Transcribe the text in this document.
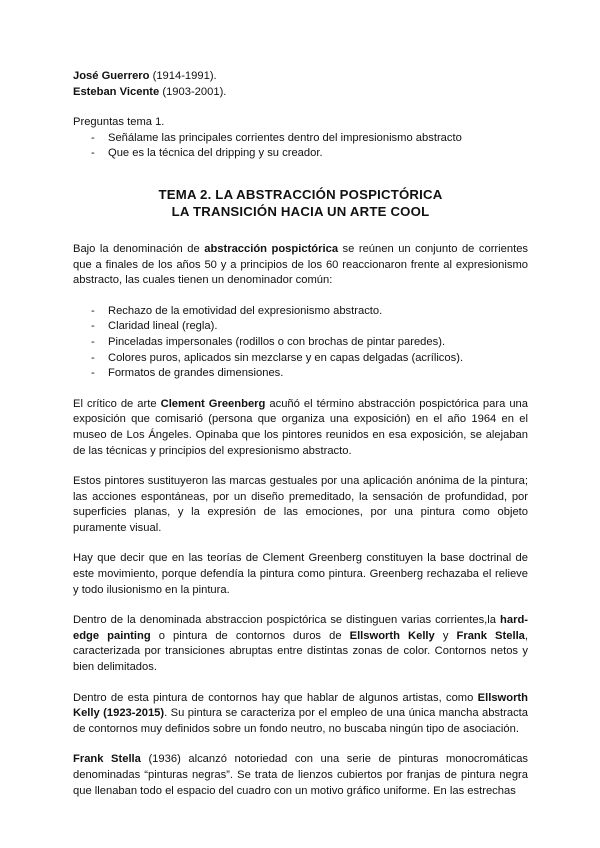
José Guerrero (1914-1991).

Esteban Vicente (1903-2001).

Preguntas tema 1.

- Señálame las principales corrientes dentro del impresionismo abstracto
- Que es la técnica del dripping y su creador.
TEMA 2. LA ABSTRACCIÓN POSPICTÓRICA
LA TRANSICIÓN HACIA UN ARTE COOL

Bajo la denominación de abstracción pospictórica se reúnen un conjunto de corrientes que a finales de los años 50 y a principios de los 60 reaccionaron frente al expresionismo abstracto, las cuales tienen un denominador común:

- Rechazo de la emotividad del expresionismo abstracto.
- Claridad lineal (regla).
- Pinceladas impersonales (rodillos o con brochas de pintar paredes).
- Colores puros, aplicados sin mezclarse y en capas delgadas (acrílicos).
- Formatos de grandes dimensiones.

El crítico de arte Clement Greenberg acuñó el término abstracción pospictórica para una exposición que comisarió (persona que organiza una exposición) en el año 1964 en el museo de Los Ángeles. Opinaba que los pintores reunidos en esa exposición, se alejaban de las técnicas y principios del expresionismo abstracto.

Estos pintores sustituyeron las marcas gestuales por una aplicación anónima de la pintura; las acciones espontáneas, por un diseño premeditado, la sensación de profundidad, por superficies planas, y la expresión de las emociones, por una pintura como objeto puramente visual.

Hay que decir que en las teorías de Clement Greenberg constituyen la base doctrinal de este movimiento, porque defendía la pintura como pintura. Greenberg rechazaba el relieve y todo ilusionismo en la pintura.

Dentro de la denominada abstraccion pospictórica se distinguen varias corrientes,la hard-edge painting o pintura de contornos duros de Ellsworth Kelly y Frank Stella, caracterizada por transiciones abruptas entre distintas zonas de color. Contornos netos y bien delimitados.

Dentro de esta pintura de contornos hay que hablar de algunos artistas, como Ellsworth Kelly (1923-2015). Su pintura se caracteriza por el empleo de una única mancha abstracta de contornos muy definidos sobre un fondo neutro, no buscaba ningún tipo de asociación.

Frank Stella (1936) alcanzó notoriedad con una serie de pinturas monocromáticas denominadas “pinturas negras”. Se trata de lienzos cubiertos por franjas de pintura negra que llenaban todo el espacio del cuadro con un motivo gráfico uniforme. En las estrechas
